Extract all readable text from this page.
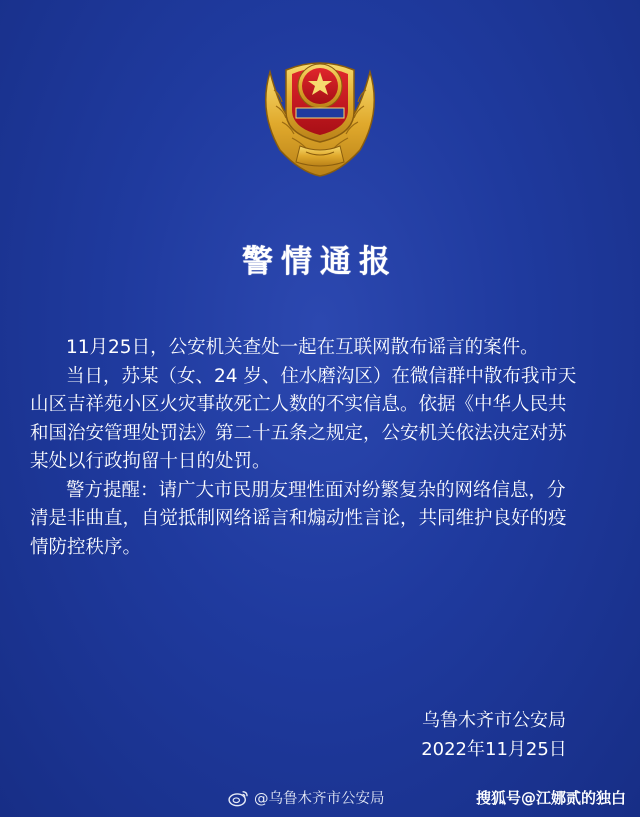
警情通报

11月25日，公安机关查处一起在互联网散布谣言的案件。

当日，苏某（女、24 岁、住水磨沟区）在微信群中散布我市天
山区吉祥苑小区火灾事故死亡人数的不实信息。依据《中华人民共
和国治安管理处罚法》第二十五条之规定，公安机关依法决定对苏
某处以行政拘留十日的处罚。

警方提醒：请广大市民朋友理性面对纷繁复杂的网络信息，分
清是非曲直，自觉抵制网络谣言和煽动性言论，共同维护良好的疫
情防控秩序。

乌鲁木齐市公安局
2022年11月25日
@乌鲁木齐市公安局	搜狐号@江娜贰的独白
